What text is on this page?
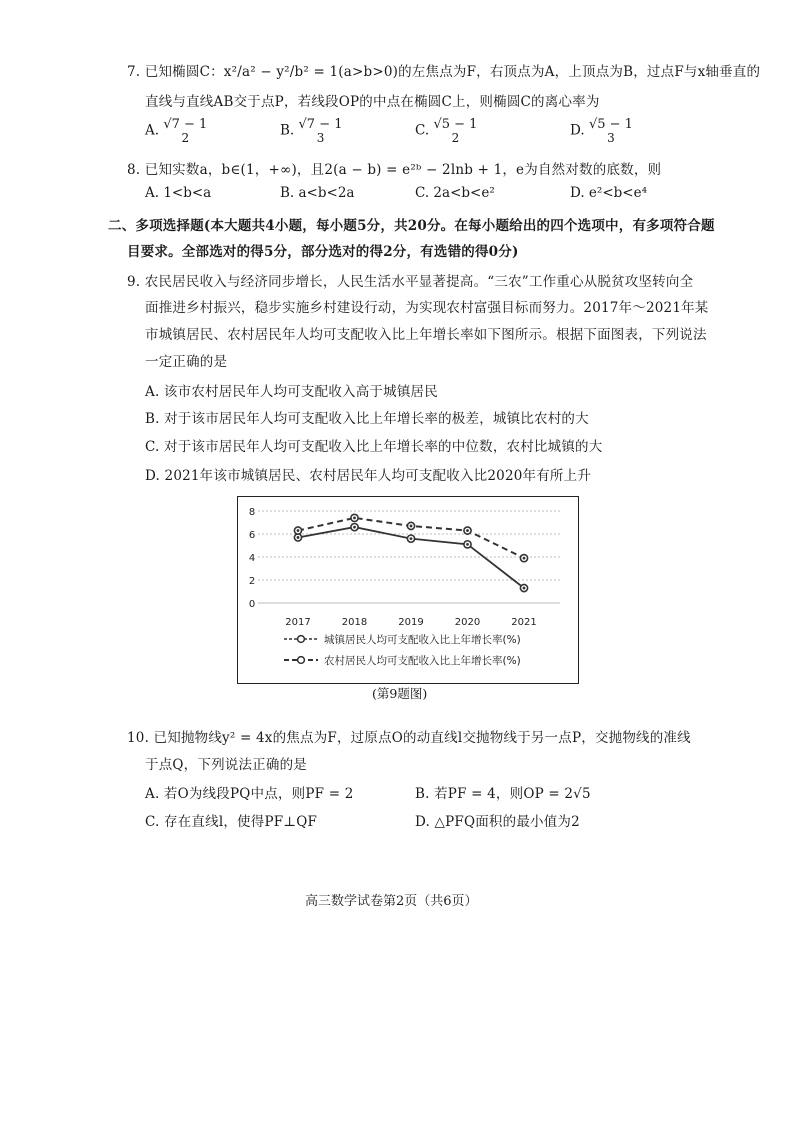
7. 已知椭圆C：x²/a² − y²/b² = 1(a>b>0)的左焦点为F，右顶点为A，上顶点为B，过点F与x轴垂直的
直线与直线AB交于点P，若线段OP的中点在椭圆C上，则椭圆C的离心率为
A. √7 − 1
2	B. √7 − 1
3	C. √5 − 1
2	D. √5 − 1
3
8. 已知实数a，b∈(1，+∞)，且2(a − b) = e²ᵇ − 2lnb + 1，e为自然对数的底数，则
A. 1<b<a	B. a<b<2a	C. 2a<b<e²	D. e²<b<e⁴
二、多项选择题(本大题共4小题，每小题5分，共20分。在每小题给出的四个选项中，有多项符合题
目要求。全部选对的得5分，部分选对的得2分，有选错的得0分)
9. 农民居民收入与经济同步增长，人民生活水平显著提高。“三农”工作重心从脱贫攻坚转向全
面推进乡村振兴，稳步实施乡村建设行动，为实现农村富强目标而努力。2017年～2021年某
市城镇居民、农村居民年人均可支配收入比上年增长率如下图所示。根据下面图表，下列说法
一定正确的是
A. 该市农村居民年人均可支配收入高于城镇居民
B. 对于该市居民年人均可支配收入比上年增长率的极差，城镇比农村的大
C. 对于该市居民年人均可支配收入比上年增长率的中位数，农村比城镇的大
D. 2021年该市城镇居民、农村居民年人均可支配收入比2020年有所上升
0
2
4
6
8
2017	2018	2019	2020	2021
城镇居民人均可支配收入比上年增长率(%)
农村居民人均可支配收入比上年增长率(%)
(第9题图)
10. 已知抛物线y² = 4x的焦点为F，过原点O的动直线l交抛物线于另一点P，交抛物线的准线
于点Q，下列说法正确的是
A. 若O为线段PQ中点，则PF = 2	B. 若PF = 4，则OP = 2√5
C. 存在直线l，使得PF⊥QF	D. △PFQ面积的最小值为2
高三数学试卷第2页（共6页）
